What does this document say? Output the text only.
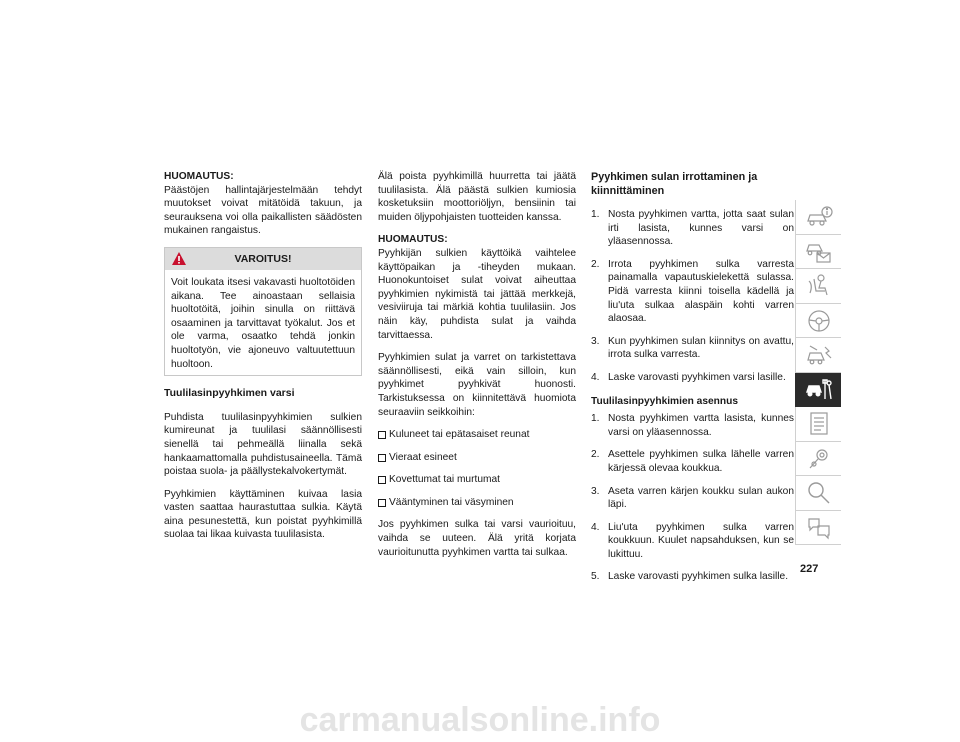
HUOMAUTUS:
Päästöjen hallintajärjestelmään tehdyt muutokset voivat mitätöidä takuun, ja seurauksena voi olla paikallisten säädösten mukainen rangaistus.

VAROITUS!
Voit loukata itsesi vakavasti huoltotöiden aikana. Tee ainoastaan sellaisia huoltotöitä, joihin sinulla on riittävä osaaminen ja tarvittavat työkalut. Jos et ole varma, osaatko tehdä jonkin huoltotyön, vie ajoneuvo valtuutettuun huoltoon.
Tuulilasinpyyhkimen varsi

Puhdista tuulilasinpyyhkimien sulkien kumireunat ja tuulilasi säännöllisesti sienellä tai pehmeällä liinalla sekä hankaamattomalla puhdistusaineella. Tämä poistaa suola- ja päällystekalvokertymät.

Pyyhkimien käyttäminen kuivaa lasia vasten saattaa haurastuttaa sulkia. Käytä aina pesunestettä, kun poistat pyyhkimillä suolaa tai likaa kuivasta tuulilasista.

Älä poista pyyhkimillä huurretta tai jäätä tuulilasista. Älä päästä sulkien kumiosia kosketuksiin moottoriöljyn, bensiinin tai muiden öljypohjaisten tuotteiden kanssa.

HUOMAUTUS:
Pyyhkijän sulkien käyttöikä vaihtelee käyttöpaikan ja -tiheyden mukaan. Huonokuntoiset sulat voivat aiheuttaa pyyhkimien nykimistä tai jättää merkkejä, vesiviiruja tai märkiä kohtia tuulilasiin. Jos näin käy, puhdista sulat ja vaihda tarvittaessa.

Pyyhkimien sulat ja varret on tarkistettava säännöllisesti, eikä vain silloin, kun pyyhkimet pyyhkivät huonosti. Tarkistuksessa on kiinnitettävä huomiota seuraaviin seikkoihin:

Kuluneet tai epätasaiset reunat
Vieraat esineet
Kovettumat tai murtumat
Vääntyminen tai väsyminen

Jos pyyhkimen sulka tai varsi vaurioituu, vaihda se uuteen. Älä yritä korjata vaurioitunutta pyyhkimen vartta tai sulkaa.

Pyyhkimen sulan irrottaminen ja kiinnittäminen
1. Nosta pyyhkimen vartta, jotta saat sulan irti lasista, kunnes varsi on yläasennossa.
2. Irrota pyyhkimen sulka varresta painamalla vapautuskielekettä sulassa. Pidä varresta kiinni toisella kädellä ja liu'uta sulkaa alaspäin kohti varren alaosaa.
3. Kun pyyhkimen sulan kiinnitys on avattu, irrota sulka varresta.
4. Laske varovasti pyyhkimen varsi lasille.
Tuulilasinpyyhkimien asennus
1. Nosta pyyhkimen vartta lasista, kunnes varsi on yläasennossa.
2. Asettele pyyhkimen sulka lähelle varren kärjessä olevaa koukkua.
3. Aseta varren kärjen koukku sulan aukon läpi.
4. Liu'uta pyyhkimen sulka varren koukkuun. Kuulet napsahduksen, kun se lukittuu.
5. Laske varovasti pyyhkimen sulka lasille.
227
carmanualsonline.info
